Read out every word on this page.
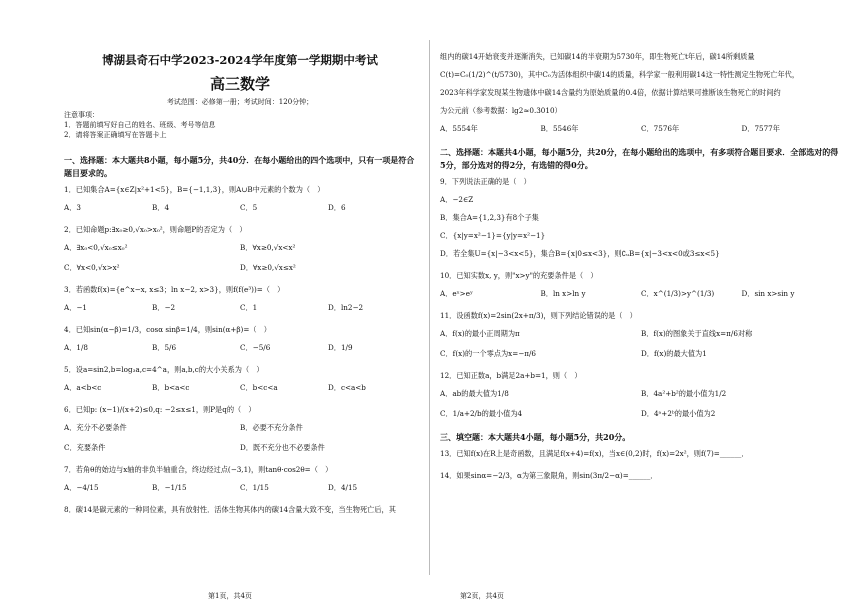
博湖县奇石中学2023-2024学年度第一学期期中考试
高三数学
考试范围：必修第一册；考试时间：120分钟；
注意事项：
1．答题前填写好自己的姓名、班级、考号等信息
2．请将答案正确填写在答题卡上
一、选择题：本大题共8小题，每小题5分，共40分．在每小题给出的四个选项中，只有一项是符合题目要求的。
1．已知集合A={x∈Z|x²+1<5}，B={−1,1,3}，则A∪B中元素的个数为（　）
A．3	B．4	C．5	D．6
2．已知命题p:∃x₀≥0,√x₀>x₀²，则命题P的否定为（　）
A．∃x₀<0,√x₀≤x₀²	B．∀x≥0,√x<x²
C．∀x<0,√x>x²	D．∀x≥0,√x≤x²
3．若函数f(x)={e^x−x, x≤3；ln x−2, x>3}，则f(f(e³))=（　）
A．−1	B．−2	C．1	D．ln2−2
4．已知sin(α−β)=1/3，cosα sinβ=1/4，则sin(α+β)=（　）
A．1/8	B．5/6	C．−5/6	D．1/9
5．设a=sin2,b=log₃a,c=4^a，则a,b,c的大小关系为（　）
A．a<b<c	B．b<a<c	C．b<c<a	D．c<a<b
6．已知p: (x−1)/(x+2)≤0,q: −2≤x≤1，则P是q的（　）
A．充分不必要条件	B．必要不充分条件
C．充要条件	D．既不充分也不必要条件
7．若角θ的始边与x轴的非负半轴重合，终边经过点(−3,1)，则tanθ·cos2θ=（　）
A．−4/15	B．−1/15	C．1/15	D．4/15
8．碳14是碳元素的一种同位素，具有放射性．活体生物其体内的碳14含量大致不变，当生物死亡后，其
第1页，共4页
组内的碳14开始衰变并逐渐消失，已知碳14的半衰期为5730年，即生物死亡t年后，碳14所剩质量
C(t)=C₀(1/2)^(t/5730)，其中C₀为活体组织中碳14的质量，科学家一般利用碳14这一特性测定生物死亡年代，
2023年科学家发现某生物遗体中碳14含量约为原始质量的0.4倍，依据计算结果可推断该生物死亡的时间约
为公元前（参考数据：lg2≈0.3010）
A．5554年	B．5546年	C．7576年	D．7577年
二、选择题：本题共4小题，每小题5分，共20分，在每小题给出的选项中，有多项符合题目要求．全部选对的得5分，部分选对的得2分，有选错的得0分。
9．下列说法正确的是（　）
A．−2∈Z
B．集合A={1,2,3}有8个子集
C．{x|y=x²−1}={y|y=x²−1}
D．若全集U={x|−3<x<5}，集合B={x|0≤x<3}，则∁ᵤB={x|−3<x<0或3≤x<5}
10．已知实数x, y，则"x>y"的充要条件是（　）
A．eˣ>eʸ	B．ln x>ln y	C．x^(1/3)>y^(1/3)	D．sin x>sin y
11．设函数f(x)=2sin(2x+π/3)，则下列结论错误的是（　）
A．f(x)的最小正周期为π	B．f(x)的图象关于直线x=π/6对称
C．f(x)的一个零点为x=−π/6	D．f(x)的最大值为1
12．已知正数a，b满足2a+b=1，则（　）
A．ab的最大值为1/8	B．4a²+b²的最小值为1/2
C．1/a+2/b的最小值为4	D．4ᵃ+2ᵇ的最小值为2
三、填空题：本大题共4小题，每小题5分，共20分。
13．已知f(x)在R上是奇函数，且满足f(x+4)=f(x)，当x∈(0,2)时，f(x)=2x²，则f(7)=______．
14．如果sinα=−2/3，α为第三象限角，则sin(3π/2−α)=______．
第2页，共4页
